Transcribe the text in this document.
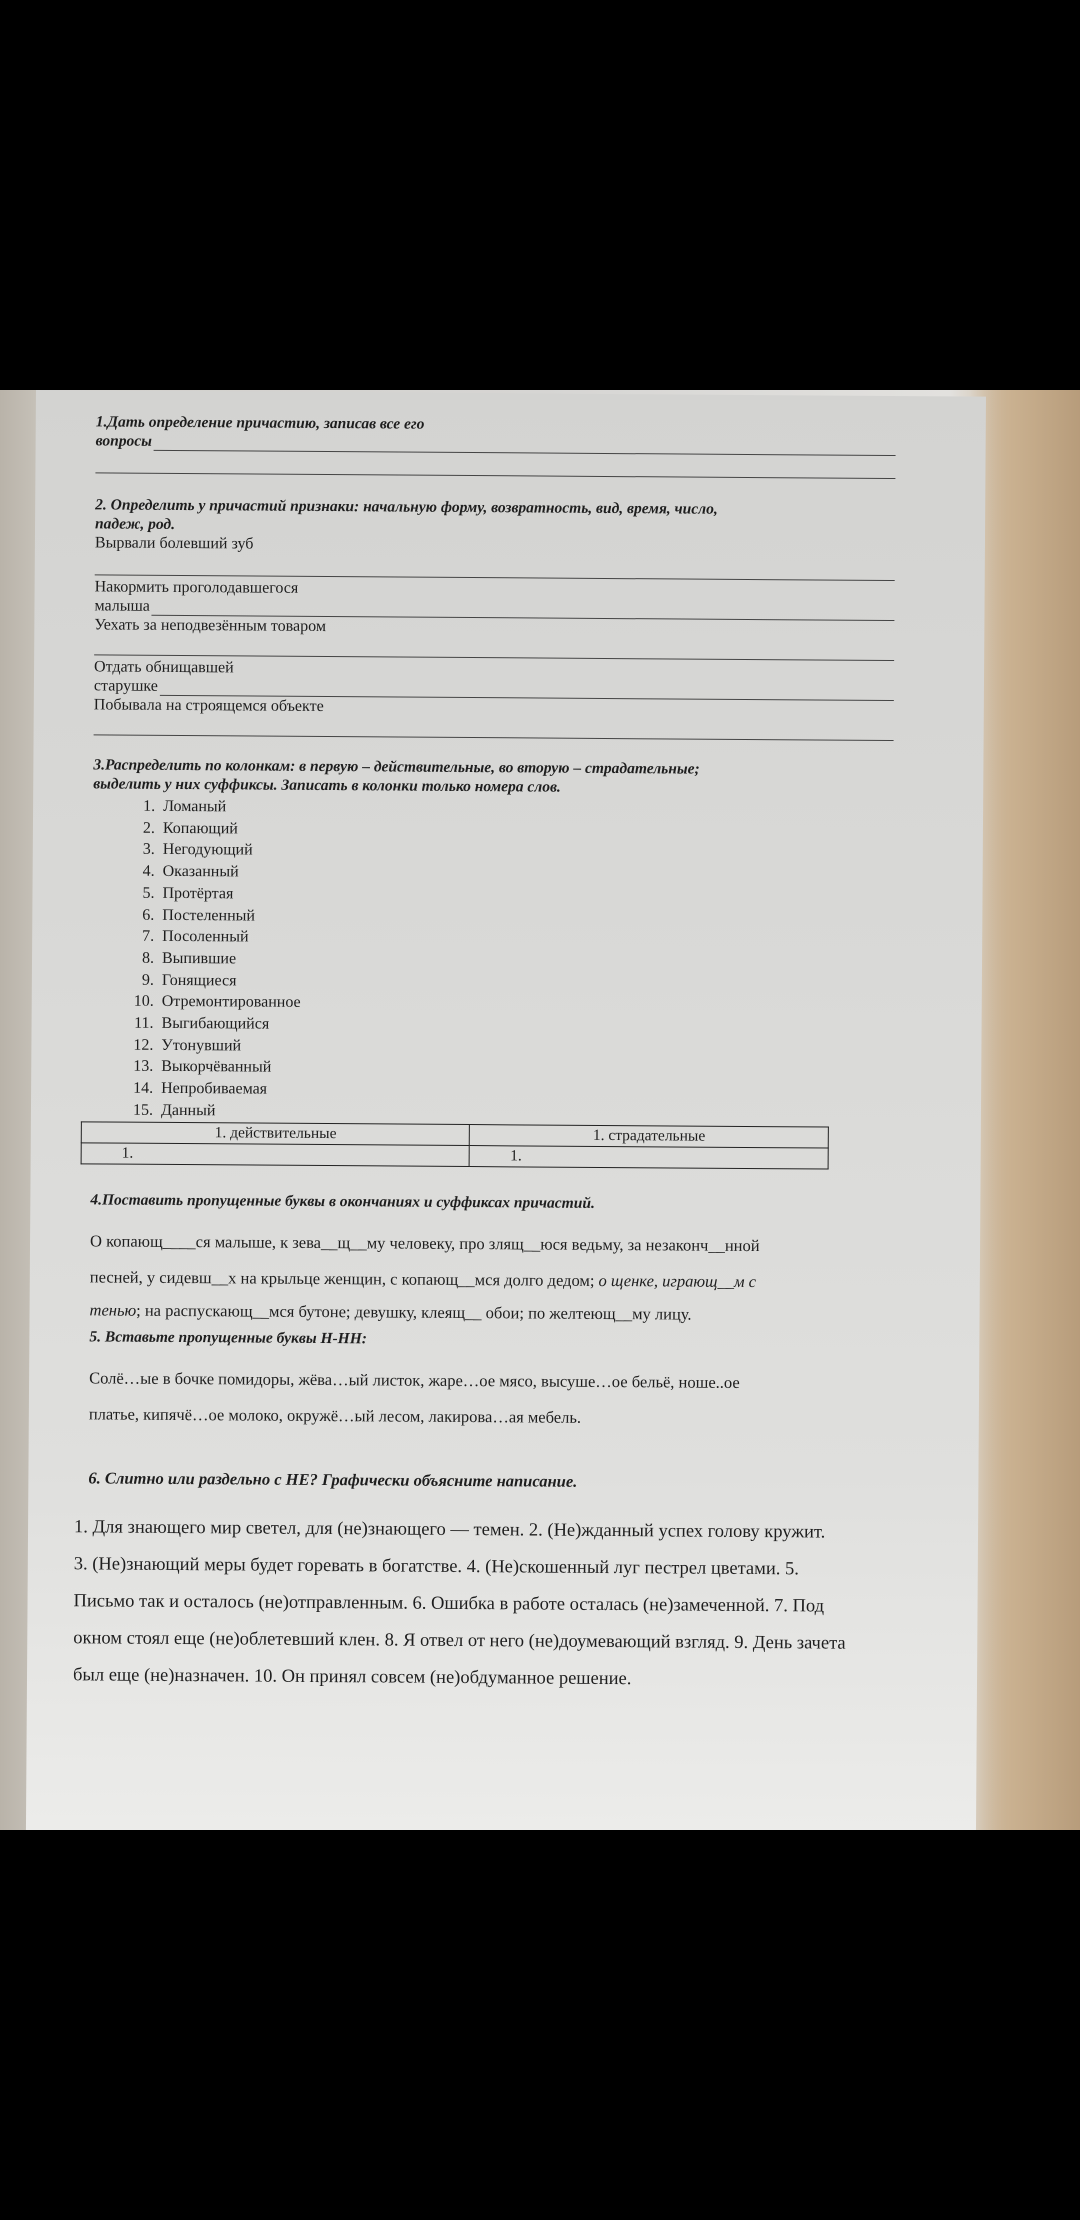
1.Дать определение причастию, записав все его

вопросы

2. Определить у причастий признаки: начальную форму, возвратность, вид, время, число,

падеж, род.

Вырвали болевший зуб

Накормить проголодавшегося

малыша

Уехать за неподвезённым товаром

Отдать обнищавшей

старушке

Побывала на строящемся объекте

3.Распределить по колонкам: в первую – действительные, во вторую – страдательные;

выделить у них суффиксы. Записать в колонки только номера слов.

1. Ломаный
2. Копающий
3. Негодующий
4. Оказанный
5. Протёртая
6. Постеленный
7. Посоленный
8. Выпившие
9. Гонящиеся
10. Отремонтированное
11. Выгибающийся
12. Утонувший
13. Выкорчёванный
14. Непробиваемая
15. Данный
1. действительные	1. страдательные
1.	1.

4.Поставить пропущенные буквы в окончаниях и суффиксах причастий.

О копающ____ся малыше, к зева__щ__му человеку, про злящ__юся ведьму, за незаконч__нной

песней, у сидевш__х на крыльце женщин, с копающ__мся долго дедом; о щенке, играющ__м с

тенью; на распускающ__мся бутоне; девушку, клеящ__ обои; по желтеющ__му лицу.

5. Вставьте пропущенные буквы Н-НН:

Солё…ые в бочке помидоры, жёва…ый листок, жаре…ое мясо, высуше…ое бельё, ноше..ое

платье, кипячё…ое молоко, окружё…ый лесом, лакирова…ая мебель.

6. Слитно или раздельно с НЕ? Графически объясните написание.

1. Для знающего мир светел, для (не)знающего — темен. 2. (Не)жданный успех голову кружит.

3. (Не)знающий меры будет горевать в богатстве. 4. (Не)скошенный луг пестрел цветами. 5.

Письмо так и осталось (не)отправленным. 6. Ошибка в работе осталась (не)замеченной. 7. Под

окном стоял еще (не)облетевший клен. 8. Я отвел от него (не)доумевающий взгляд. 9. День зачета

был еще (не)назначен. 10. Он принял совсем (не)обдуманное решение.
